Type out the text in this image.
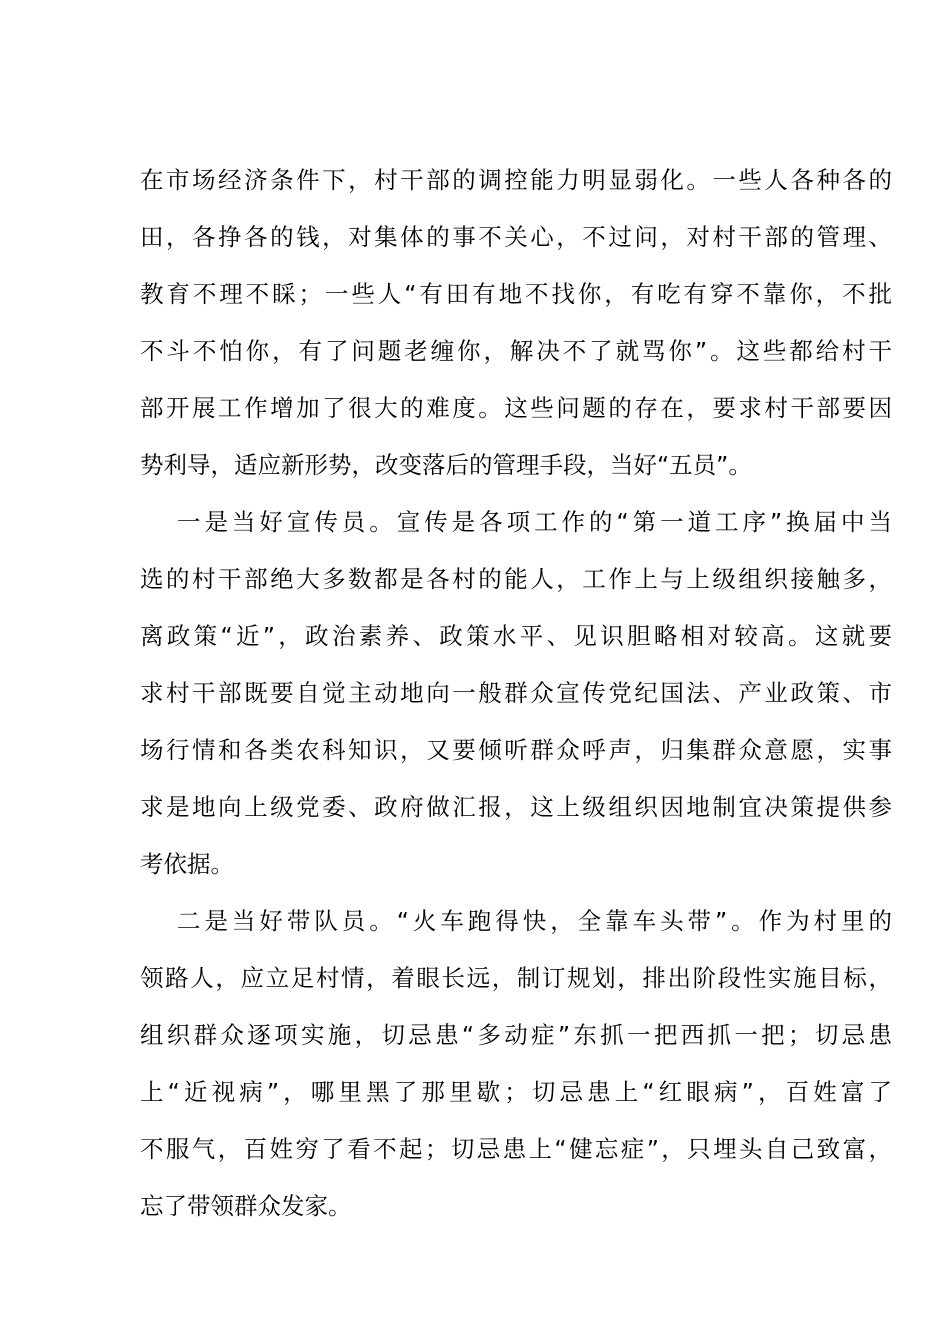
在市场经济条件下，村干部的调控能力明显弱化。一些人各种各的
田，各挣各的钱，对集体的事不关心，不过问，对村干部的管理、
教育不理不睬；一些人“有田有地不找你，有吃有穿不靠你，不批
不斗不怕你，有了问题老缠你，解决不了就骂你”。这些都给村干
部开展工作增加了很大的难度。这些问题的存在，要求村干部要因
势利导，适应新形势，改变落后的管理手段，当好“五员”。
一是当好宣传员。宣传是各项工作的“第一道工序”换届中当
选的村干部绝大多数都是各村的能人，工作上与上级组织接触多，
离政策“近”，政治素养、政策水平、见识胆略相对较高。这就要
求村干部既要自觉主动地向一般群众宣传党纪国法、产业政策、市
场行情和各类农科知识，又要倾听群众呼声，归集群众意愿，实事
求是地向上级党委、政府做汇报，这上级组织因地制宜决策提供参
考依据。
二是当好带队员。“火车跑得快，全靠车头带”。作为村里的
领路人，应立足村情，着眼长远，制订规划，排出阶段性实施目标，
组织群众逐项实施，切忌患“多动症”东抓一把西抓一把；切忌患
上“近视病”，哪里黑了那里歇；切忌患上“红眼病”，百姓富了
不服气，百姓穷了看不起；切忌患上“健忘症”，只埋头自己致富，
忘了带领群众发家。
